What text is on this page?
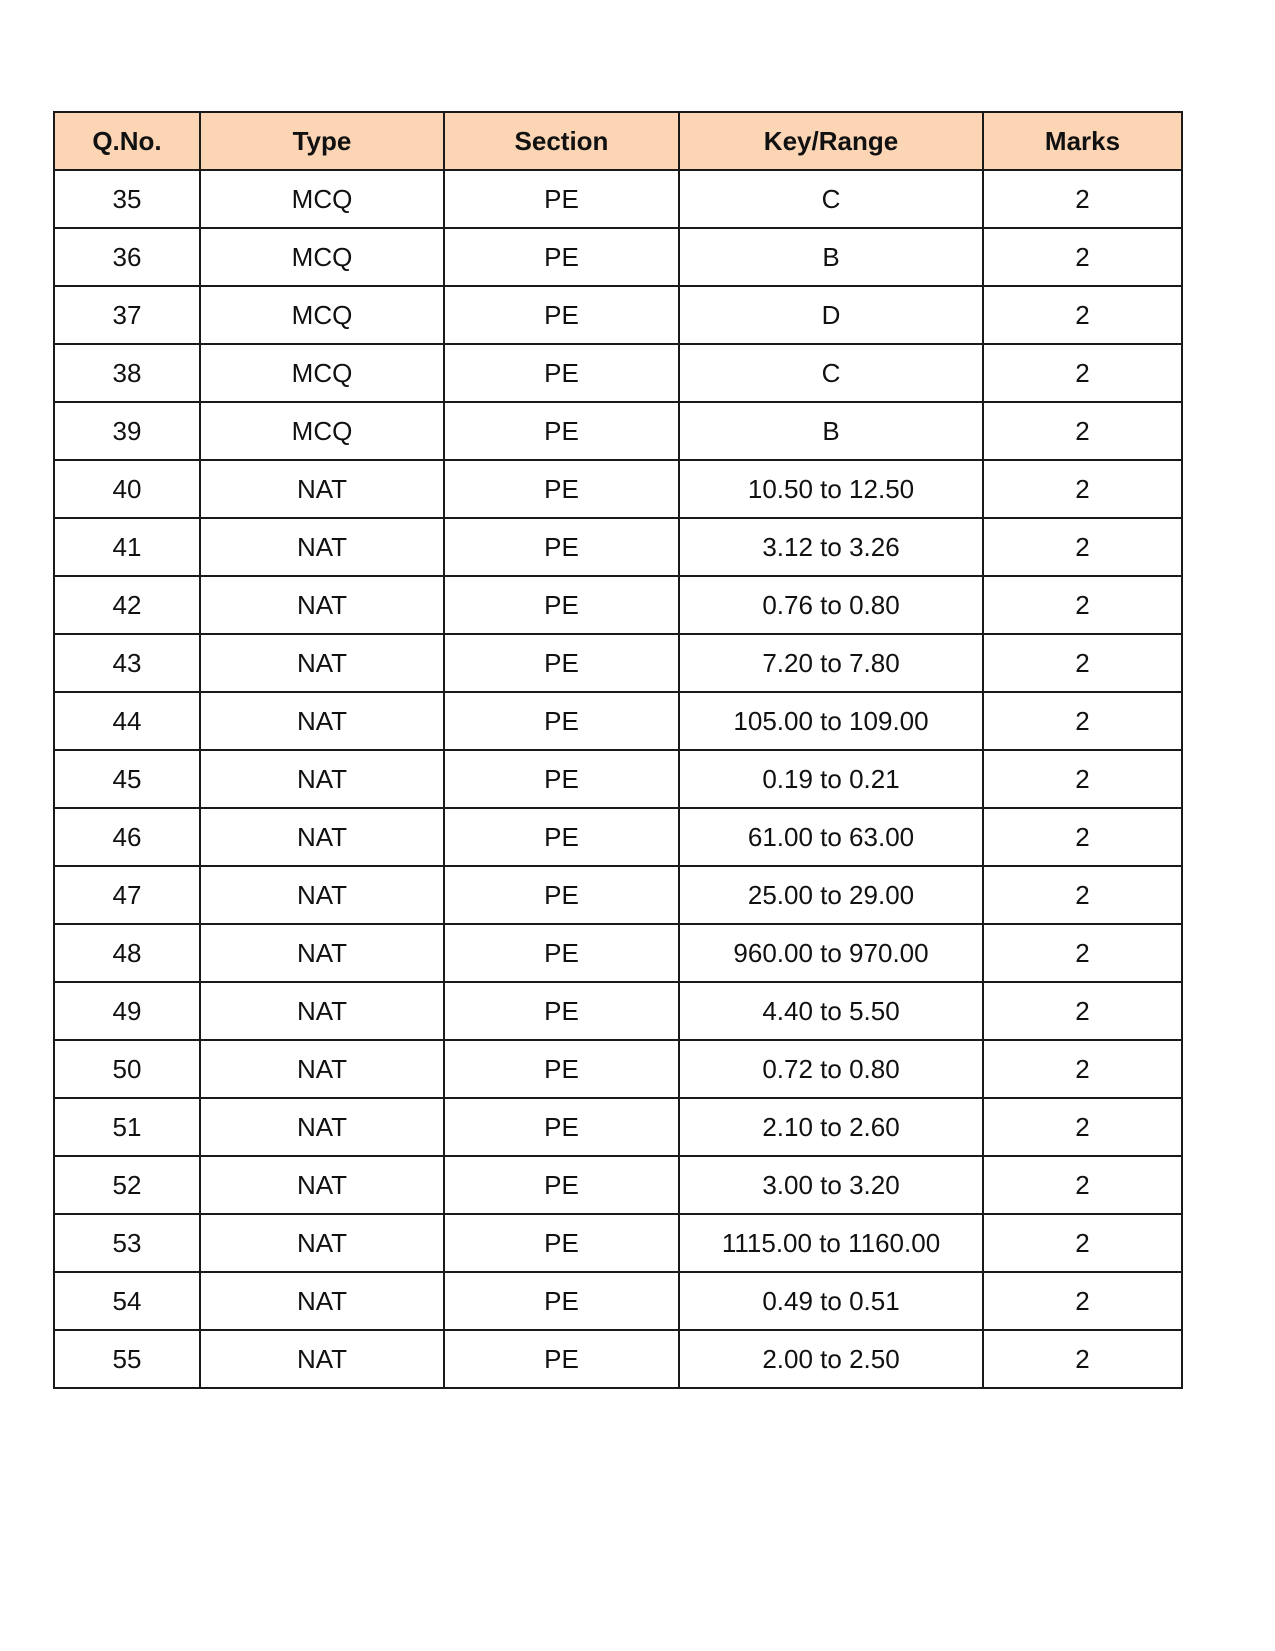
Q.No.	Type	Section	Key/Range	Marks
35	MCQ	PE	C	2
36	MCQ	PE	B	2
37	MCQ	PE	D	2
38	MCQ	PE	C	2
39	MCQ	PE	B	2
40	NAT	PE	10.50 to 12.50	2
41	NAT	PE	3.12 to 3.26	2
42	NAT	PE	0.76 to 0.80	2
43	NAT	PE	7.20 to 7.80	2
44	NAT	PE	105.00 to 109.00	2
45	NAT	PE	0.19 to 0.21	2
46	NAT	PE	61.00 to 63.00	2
47	NAT	PE	25.00 to 29.00	2
48	NAT	PE	960.00 to 970.00	2
49	NAT	PE	4.40 to 5.50	2
50	NAT	PE	0.72 to 0.80	2
51	NAT	PE	2.10 to 2.60	2
52	NAT	PE	3.00 to 3.20	2
53	NAT	PE	1115.00 to 1160.00	2
54	NAT	PE	0.49 to 0.51	2
55	NAT	PE	2.00 to 2.50	2
